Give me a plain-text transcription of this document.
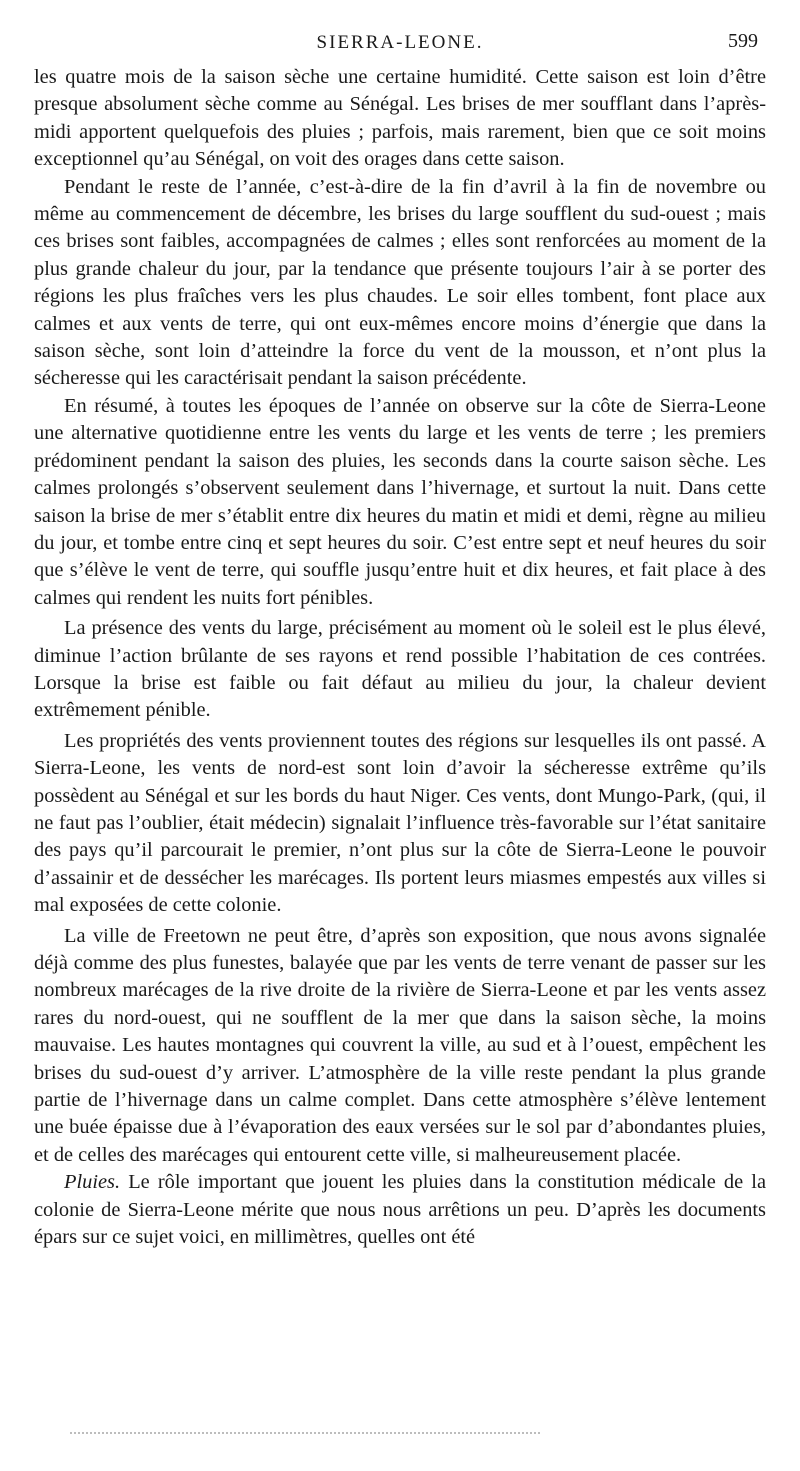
SIERRA-LEONE.	599

les quatre mois de la saison sèche une certaine humidité. Cette saison est loin d’être presque absolument sèche comme au Sénégal. Les brises de mer soufflant dans l’après-midi apportent quelquefois des pluies ; parfois, mais rarement, bien que ce soit moins exceptionnel qu’au Sénégal, on voit des orages dans cette saison.

Pendant le reste de l’année, c’est-à-dire de la fin d’avril à la fin de novembre ou même au commencement de décembre, les brises du large soufflent du sud-ouest ; mais ces brises sont faibles, accompagnées de calmes ; elles sont renforcées au moment de la plus grande chaleur du jour, par la tendance que présente toujours l’air à se porter des régions les plus fraîches vers les plus chaudes. Le soir elles tombent, font place aux calmes et aux vents de terre, qui ont eux-mêmes encore moins d’énergie que dans la saison sèche, sont loin d’atteindre la force du vent de la mousson, et n’ont plus la sécheresse qui les caractérisait pendant la saison précédente.

En résumé, à toutes les époques de l’année on observe sur la côte de Sierra-Leone une alternative quotidienne entre les vents du large et les vents de terre ; les premiers prédominent pendant la saison des pluies, les seconds dans la courte saison sèche. Les calmes prolongés s’observent seulement dans l’hivernage, et surtout la nuit. Dans cette saison la brise de mer s’établit entre dix heures du matin et midi et demi, règne au milieu du jour, et tombe entre cinq et sept heures du soir. C’est entre sept et neuf heures du soir que s’élève le vent de terre, qui souffle jusqu’entre huit et dix heures, et fait place à des calmes qui rendent les nuits fort pénibles.

La présence des vents du large, précisément au moment où le soleil est le plus élevé, diminue l’action brûlante de ses rayons et rend possible l’habitation de ces contrées. Lorsque la brise est faible ou fait défaut au milieu du jour, la chaleur devient extrêmement pénible.

Les propriétés des vents proviennent toutes des régions sur lesquelles ils ont passé. A Sierra-Leone, les vents de nord-est sont loin d’avoir la sécheresse extrême qu’ils possèdent au Sénégal et sur les bords du haut Niger. Ces vents, dont Mungo-Park, (qui, il ne faut pas l’oublier, était médecin) signalait l’influence très-favorable sur l’état sanitaire des pays qu’il parcourait le premier, n’ont plus sur la côte de Sierra-Leone le pouvoir d’assainir et de dessécher les marécages. Ils portent leurs miasmes empestés aux villes si mal exposées de cette colonie.

La ville de Freetown ne peut être, d’après son exposition, que nous avons signalée déjà comme des plus funestes, balayée que par les vents de terre venant de passer sur les nombreux marécages de la rive droite de la rivière de Sierra-Leone et par les vents assez rares du nord-ouest, qui ne soufflent de la mer que dans la saison sèche, la moins mauvaise. Les hautes montagnes qui couvrent la ville, au sud et à l’ouest, empêchent les brises du sud-ouest d’y arriver. L’atmosphère de la ville reste pendant la plus grande partie de l’hivernage dans un calme complet. Dans cette atmosphère s’élève lentement une buée épaisse due à l’évaporation des eaux versées sur le sol par d’abondantes pluies, et de celles des marécages qui entourent cette ville, si malheureusement placée.

Pluies. Le rôle important que jouent les pluies dans la constitution médicale de la colonie de Sierra-Leone mérite que nous nous arrêtions un peu. D’après les documents épars sur ce sujet voici, en millimètres, quelles ont été
